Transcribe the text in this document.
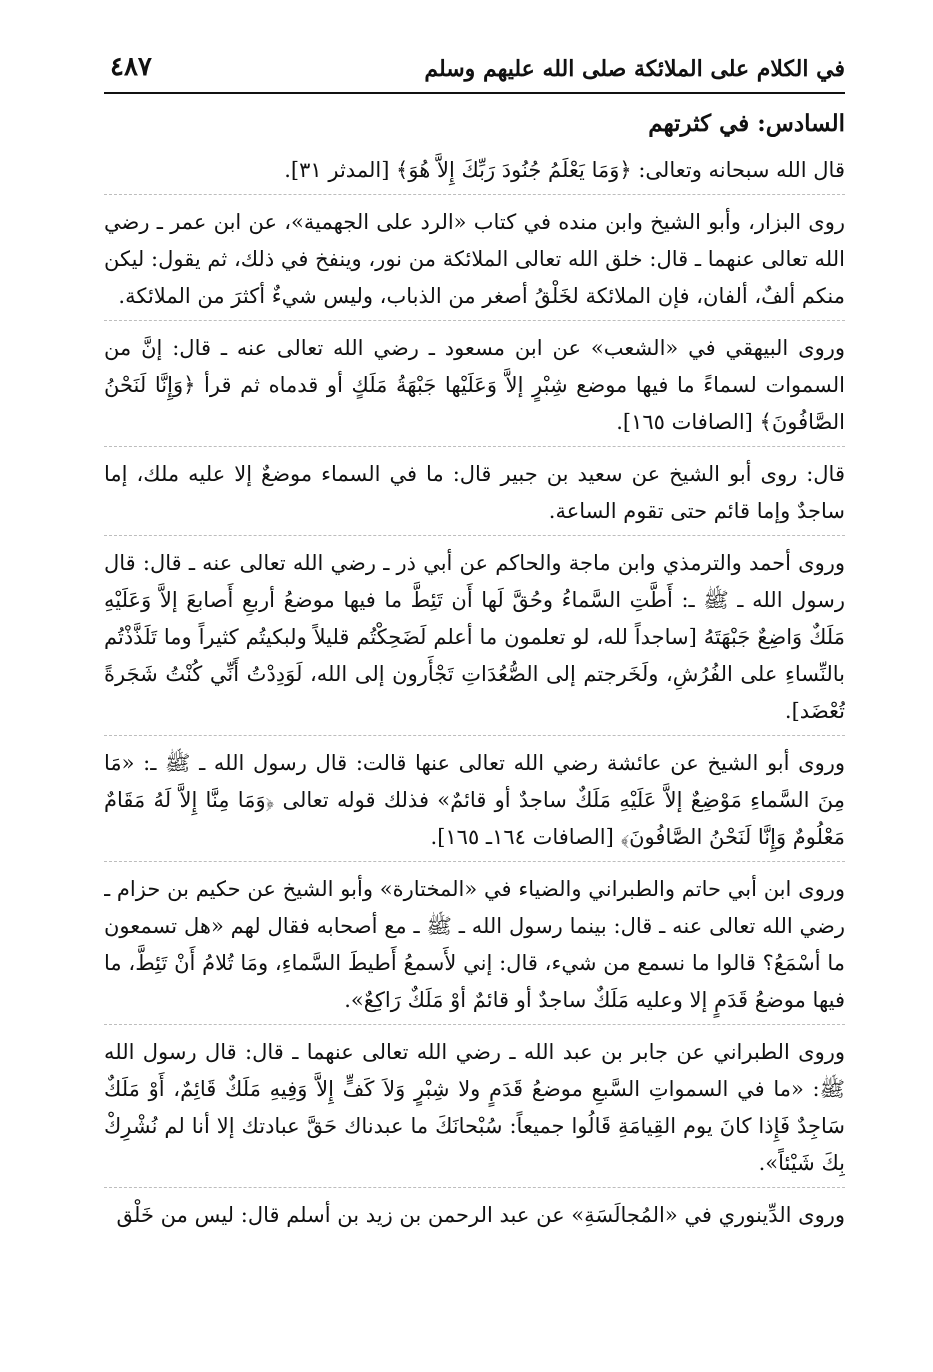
في الكلام على الملائكة صلى الله عليهم وسلم
٤٨٧
السادس: في كثرتهم

قال الله سبحانه وتعالى: ﴿وَمَا يَعْلَمُ جُنُودَ رَبِّكَ إِلاَّ هُوَ﴾ [المدثر ٣١].

روى البزار، وأبو الشيخ وابن منده في كتاب «الرد على الجهمية»، عن ابن عمر ـ رضي الله تعالى عنهما ـ قال: خلق الله تعالى الملائكة من نور، وينفخ في ذلك، ثم يقول: ليكن منكم ألفٌ، ألفان، فإن الملائكة لخَلْقُ أصغر من الذباب، وليس شيءٌ أكثرَ من الملائكة.

وروى البيهقي في «الشعب» عن ابن مسعود ـ رضي الله تعالى عنه ـ قال: إنَّ من السموات لسماءً ما فيها موضع شِبْرٍ إلاَّ وَعَلَيْها جَبْهَةُ مَلَكٍ أو قدماه ثم قرأ ﴿وَإِنَّا لَنَحْنُ الصَّافُونَ﴾ [الصافات ١٦٥].

قال: روى أبو الشيخ عن سعيد بن جبير قال: ما في السماء موضعٌ إلا عليه ملك، إما ساجدٌ وإما قائم حتى تقوم الساعة.

وروى أحمد والترمذي وابن ماجة والحاكم عن أبي ذر ـ رضي الله تعالى عنه ـ قال: قال رسول الله ـ ﷺ ـ: أَطَّتِ السَّماءُ وحُقَّ لَها أَن تَئِطَّ ما فيها موضعُ أربعِ أَصابعَ إلاَّ وَعَلَيْهِ مَلَكٌ وَاضِعٌ جَبْهَتَهُ [ساجداً لله، لو تعلمون ما أعلم لَضَحِكْتُم قليلاً ولبكيتُم كثيراً وما تَلَذَّذْتُم بالنِّساءِ على الفُرُشِ، ولَخَرجتم إلى الصُّعُدَاتِ تَجْأَرون إلى الله، لَوَدِدْتُ أَنِّي كُنْتُ شَجَرةً تُعْضَد].

وروى أبو الشيخ عن عائشة رضي الله تعالى عنها قالت: قال رسول الله ـ ﷺ ـ: «مَا مِنَ السَّماءِ مَوْضِعٌ إلاَّ عَلَيْهِ مَلَكٌ ساجدٌ أو قائمٌ» فذلك قوله تعالى ﴿وَمَا مِنَّا إِلاَّ لَهُ مَقَامٌ مَعْلُومٌ وَإِنَّا لَنَحْنُ الصَّافُونَ﴾ [الصافات ١٦٤ـ ١٦٥].

وروى ابن أبي حاتم والطبراني والضياء في «المختارة» وأبو الشيخ عن حكيم بن حزام ـ رضي الله تعالى عنه ـ قال: بينما رسول الله ـ ﷺ ـ مع أصحابه فقال لهم «هل تسمعون ما أسْمَعُ؟ قالوا ما نسمع من شيء، قال: إني لأَسمعُ أَطيطَ السَّماءِ، ومَا تُلامُ أَنْ تَئِطَّ، ما فيها موضعُ قَدَمٍ إلا وعليه مَلَكٌ ساجدٌ أو قائمٌ أوْ مَلَكٌ رَاكِعٌ».

وروى الطبراني عن جابر بن عبد الله ـ رضي الله تعالى عنهما ـ قال: قال رسول الله ﷺ: «ما في السمواتِ السَّبعِ موضعُ قَدَمٍ ولا شِبْرٍ وَلاَ كَفٍّ إِلاَّ وَفِيهِ مَلَكٌ قَائِمٌ، أَوْ مَلَكٌ سَاجِدٌ فَإِذا كانَ يوم القِيامَةِ قَالُوا جميعاً: سُبْحانَكَ ما عبدناك حَقَّ عبادتك إلا أنا لم نُشْرِكْ بِكَ شَيْئاً».

وروى الدِّينوري في «المُجالَسَةِ» عن عبد الرحمن بن زيد بن أسلم قال: ليس من خَلْق
